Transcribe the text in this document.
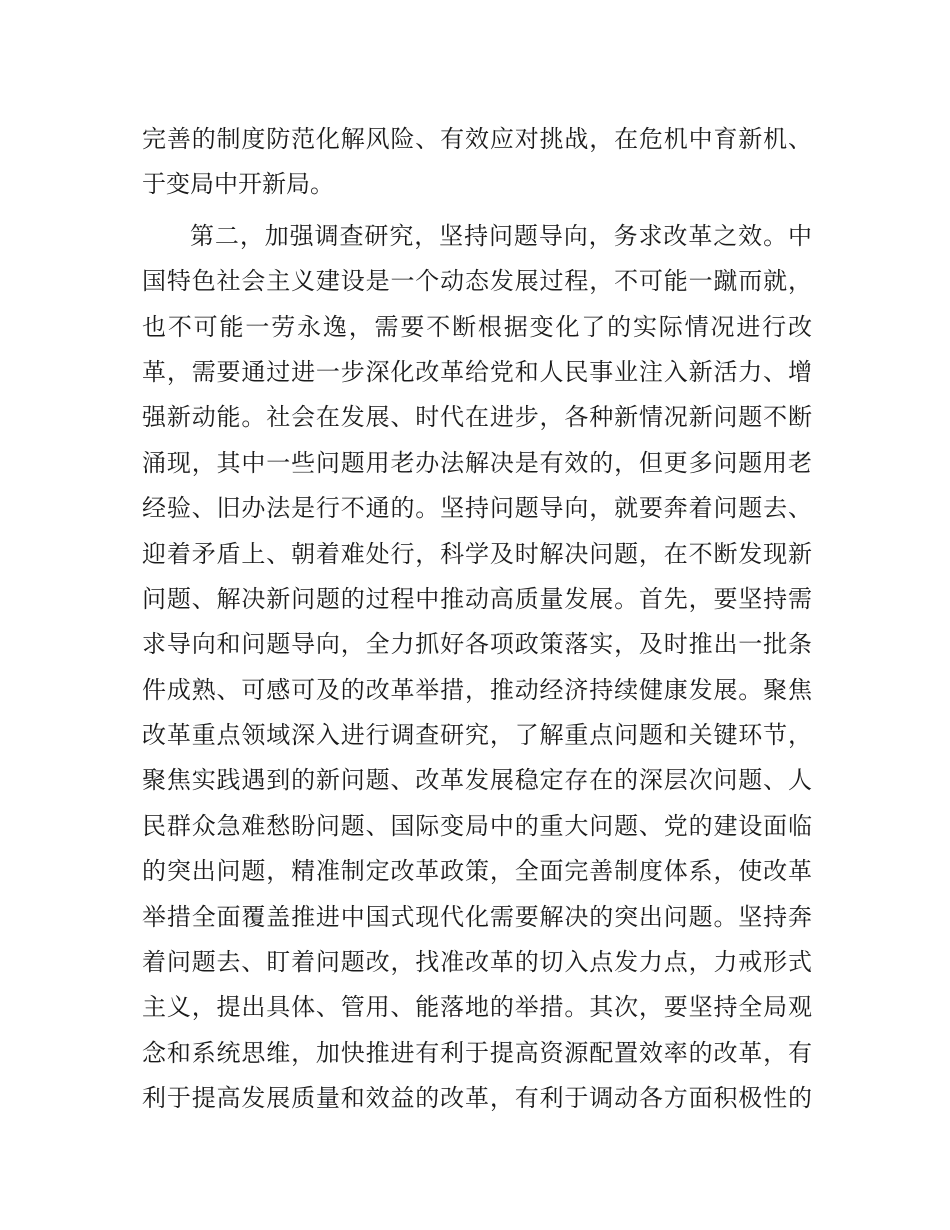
完善的制度防范化解风险、有效应对挑战，在危机中育新机、
于变局中开新局。
第二，加强调查研究，坚持问题导向，务求改革之效。中
国特色社会主义建设是一个动态发展过程，不可能一蹴而就，
也不可能一劳永逸，需要不断根据变化了的实际情况进行改
革，需要通过进一步深化改革给党和人民事业注入新活力、增
强新动能。社会在发展、时代在进步，各种新情况新问题不断
涌现，其中一些问题用老办法解决是有效的，但更多问题用老
经验、旧办法是行不通的。坚持问题导向，就要奔着问题去、
迎着矛盾上、朝着难处行，科学及时解决问题，在不断发现新
问题、解决新问题的过程中推动高质量发展。首先，要坚持需
求导向和问题导向，全力抓好各项政策落实，及时推出一批条
件成熟、可感可及的改革举措，推动经济持续健康发展。聚焦
改革重点领域深入进行调查研究，了解重点问题和关键环节，
聚焦实践遇到的新问题、改革发展稳定存在的深层次问题、人
民群众急难愁盼问题、国际变局中的重大问题、党的建设面临
的突出问题，精准制定改革政策，全面完善制度体系，使改革
举措全面覆盖推进中国式现代化需要解决的突出问题。坚持奔
着问题去、盯着问题改，找准改革的切入点发力点，力戒形式
主义，提出具体、管用、能落地的举措。其次，要坚持全局观
念和系统思维，加快推进有利于提高资源配置效率的改革，有
利于提高发展质量和效益的改革，有利于调动各方面积极性的
